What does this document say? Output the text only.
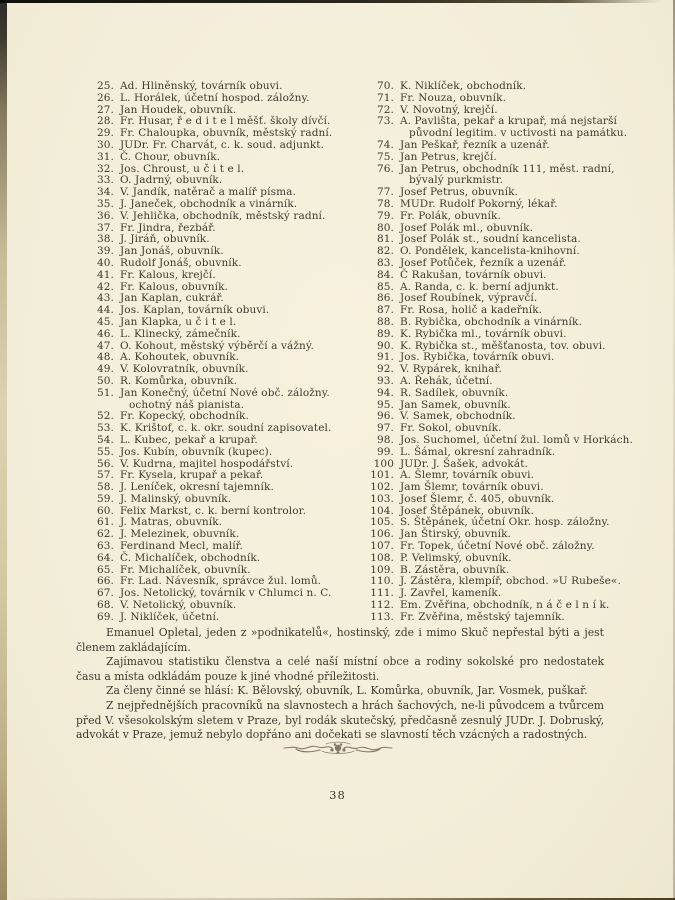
25. Ad. Hliněnský, továrník obuvi.
26. L. Horálek, účetní hospod. záložny.
27. Jan Houdek, obuvník.
28. Fr. Husar, ř e d i t e l měšť. školy dívčí.
29. Fr. Chaloupka, obuvník, městský radní.
30. JUDr. Fr. Charvát, c. k. soud. adjunkt.
31. Č. Chour, obuvník.
32. Jos. Chroust, u č i t e l.
33. O. Jadrný, obuvník.
34. V. Jandík, natěrač a malíř písma.
35. J. Janeček, obchodník a vinárník.
36. V. Jehlička, obchodník, městský radní.
37. Fr. Jindra, řezbář.
38. J. Jiráň, obuvník.
39. Jan Jonáš, obuvník.
40. Rudolf Jonáš, obuvník.
41. Fr. Kalous, krejčí.
42. Fr. Kalous, obuvník.
43. Jan Kaplan, cukrář.
44. Jos. Kaplan, továrník obuvi.
45. Jan Klapka, u č i t e l.
46. L. Klinecký, zámečník.
47. O. Kohout, městský výběrčí a vážný.
48. A. Kohoutek, obuvník.
49. V. Kolovratník, obuvník.
50. R. Komůrka, obuvník.
51. Jan Konečný, účetní Nové obč. záložny.
ochotný náš pianista.
52. Fr. Kopecký, obchodník.
53. K. Krištof, c. k. okr. soudní zapisovatel.
54. L. Kubec, pekař a krupař.
55. Jos. Kubín, obuvník (kupec).
56. V. Kudrna, majitel hospodářství.
57. Fr. Kysela, krupař a pekař.
58. J. Leníček, okresní tajemník.
59. J. Malinský, obuvník.
60. Felix Markst, c. k. berní kontrolor.
61. J. Matras, obuvník.
62. J. Melezinek, obuvník.
63. Ferdinand Mecl, malíř.
64. Č. Michalíček, obchodník.
65. Fr. Michalíček, obuvník.
66. Fr. Lad. Návesník, správce žul. lomů.
67. Jos. Netolický, továrník v Chlumci n. C.
68. V. Netolický, obuvník.
69. J. Niklíček, účetní.
70. K. Niklíček, obchodník.
71. Fr. Nouza, obuvník.
72. V. Novotný, krejčí.
73. A. Pavlišta, pekař a krupař, má nejstarší
původní legitim. v uctivosti na památku.
74. Jan Peškař, řezník a uzenář.
75. Jan Petrus, krejčí.
76. Jan Petrus, obchodník 111, měst. radní,
bývalý purkmistr.
77. Josef Petrus, obuvník.
78. MUDr. Rudolf Pokorný, lékař.
79. Fr. Polák, obuvník.
80. Josef Polák ml., obuvník.
81. Josef Polák st., soudní kancelista.
82. O. Pondělek, kancelista-knihovní.
83. Josef Potůček, řezník a uzenář.
84. Č Rakušan, továrník obuvi.
85. A. Randa, c. k. berní adjunkt.
86. Josef Roubínek, výpravčí.
87. Fr. Rosa, holič a kadeřník.
88. B. Rybička, obchodník a vinárník.
89. K. Rybička ml., továrník obuvi.
90. K. Rybička st., měšťanosta, tov. obuvi.
91. Jos. Rybička, továrník obuvi.
92. V. Rypárek, knihař.
93. A. Řehák, účetní.
94. R. Sadílek, obuvník.
95. Jan Samek, obuvník.
96. V. Samek, obchodník.
97. Fr. Sokol, obuvník.
98. Jos. Suchomel, účetní žul. lomů v Horkách.
99. L. Šámal, okresní zahradník.
100 JUDr. J. Šašek, advokát.
101. A. Šlemr, továrník obuvi.
102. Jam Šlemr, továrník obuvi.
103. Josef Šlemr, č. 405, obuvník.
104. Josef Štěpánek, obuvník.
105. S. Štěpánek, účetní Okr. hosp. záložny.
106. Jan Štirský, obuvník.
107. Fr. Topek, účetní Nové obč. záložny.
108. P. Velimský, obuvník.
109. B. Zástěra, obuvník.
110. J. Zástěra, klempíř, obchod. »U Rubeše«.
111. J. Zavřel, kameník.
112. Em. Zvěřina, obchodník, n á č e l n í k.
113. Fr. Zvěřina, městský tajemník.

Emanuel Opletal, jeden z »podnikatelů«, hostinský, zde i mimo Skuč nepřestal býti a jest členem zakládajícím.

Zajímavou statistiku členstva a celé naší místní obce a rodiny sokolské pro nedostatek času a místa odkládám pouze k jiné vhodné příležitosti.

Za členy činné se hlásí: K. Bělovský, obuvník, L. Komůrka, obuvník, Jar. Vosmek, puškař.

Z nejpřednějších pracovníků na slavnostech a hrách šachových, ne-li původcem a tvůrcem před V. všesokolským sletem v Praze, byl rodák skutečský, předčasně zesnulý JUDr. J. Dobruský, advokát v Praze, jemuž nebylo dopřáno ani dočekati se slavností těch vzácných a radostných.

38
